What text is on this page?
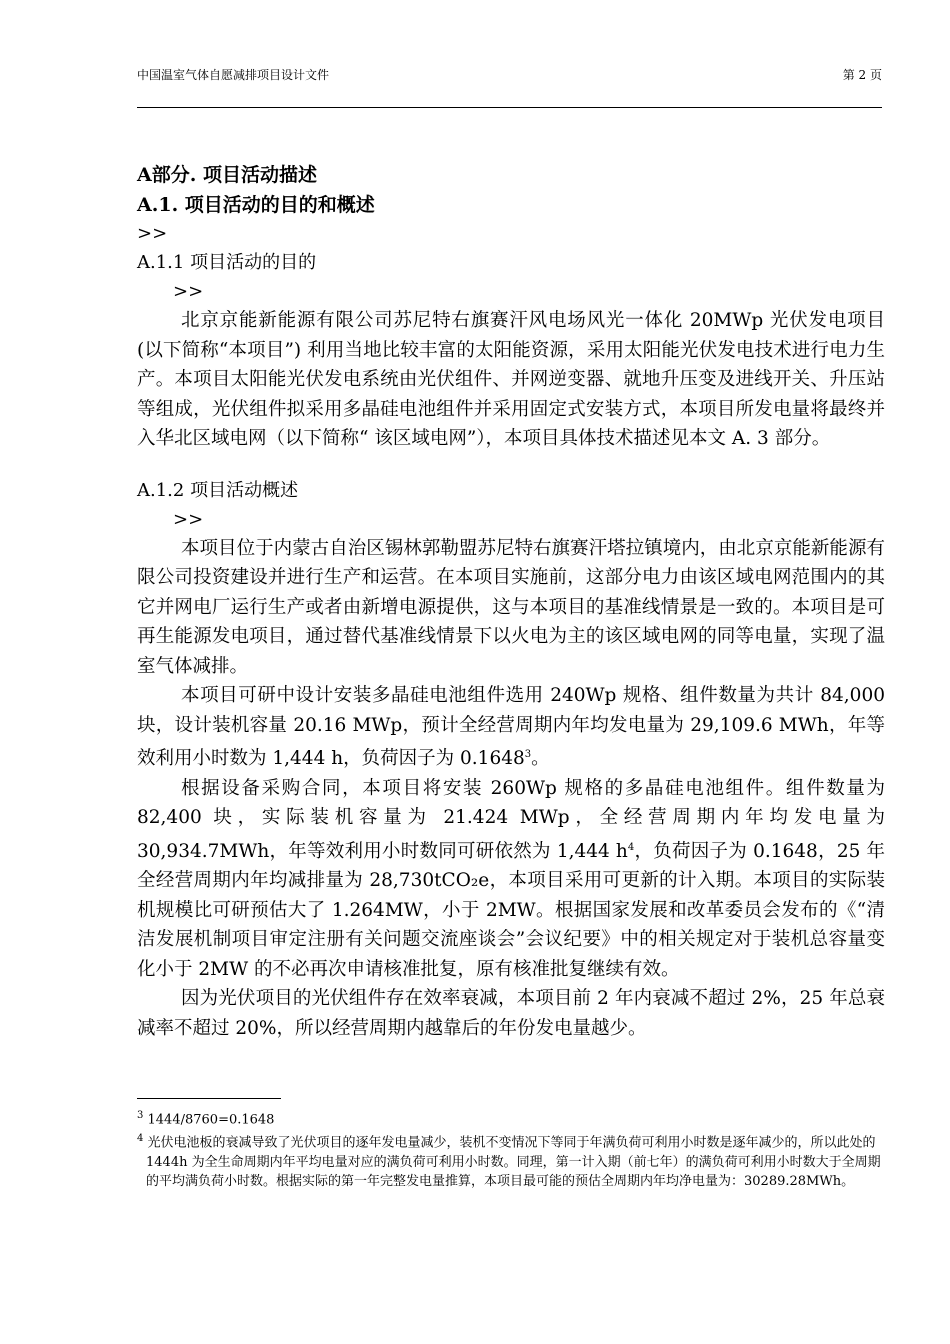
中国温室气体自愿减排项目设计文件	第 2 页
A部分. 项目活动描述
A.1. 项目活动的目的和概述
>>
A.1.1 项目活动的目的
>>

北京京能新能源有限公司苏尼特右旗赛汗风电场风光一体化 20MWp 光伏发电项目 (以下简称“本项目”) 利用当地比较丰富的太阳能资源，采用太阳能光伏发电技术进行电力生产。本项目太阳能光伏发电系统由光伏组件、并网逆变器、就地升压变及进线开关、升压站等组成，光伏组件拟采用多晶硅电池组件并采用固定式安装方式，本项目所发电量将最终并入华北区域电网（以下简称“ 该区域电网”），本项目具体技术描述见本文 A. 3 部分。

A.1.2 项目活动概述
>>

本项目位于内蒙古自治区锡林郭勒盟苏尼特右旗赛汗塔拉镇境内，由北京京能新能源有限公司投资建设并进行生产和运营。在本项目实施前，这部分电力由该区域电网范围内的其它并网电厂运行生产或者由新增电源提供，这与本项目的基准线情景是一致的。本项目是可再生能源发电项目，通过替代基准线情景下以火电为主的该区域电网的同等电量，实现了温室气体减排。

本项目可研中设计安装多晶硅电池组件选用 240Wp 规格、组件数量为共计 84,000 块，设计装机容量 20.16 MWp，预计全经营周期内年均发电量为 29,109.6 MWh，年等效利用小时数为 1,444 h，负荷因子为 0.1648$^3$。

根据设备采购合同，本项目将安装 260Wp 规格的多晶硅电池组件。组件数量为 82,400 块，实际装机容量为 21.424 MWp，全经营周期内年均发电量为 30,934.7MWh，年等效利用小时数同可研依然为 1,444 $h^4$，负荷因子为 0.1648，25 年全经营周期内年均减排量为 28,730tCO₂e，本项目采用可更新的计入期。本项目的实际装机规模比可研预估大了 1.264MW，小于 2MW。根据国家发展和改革委员会发布的《“清洁发展机制项目审定注册有关问题交流座谈会”会议纪要》中的相关规定对于装机总容量变化小于 2MW 的不必再次申请核准批复，原有核准批复继续有效。

因为光伏项目的光伏组件存在效率衰减，本项目前 2 年内衰减不超过 2%，25 年总衰减率不超过 20%，所以经营周期内越靠后的年份发电量越少。

$^3$ 1444/8760=0.1648

$^4$ 光伏电池板的衰减导致了光伏项目的逐年发电量减少，装机不变情况下等同于年满负荷可利用小时数是逐年减少的，所以此处的 1444h 为全生命周期内年平均电量对应的满负荷可利用小时数。同理，第一计入期（前七年）的满负荷可利用小时数大于全周期的平均满负荷小时数。根据实际的第一年完整发电量推算，本项目最可能的预估全周期内年均净电量为：30289.28MWh。
